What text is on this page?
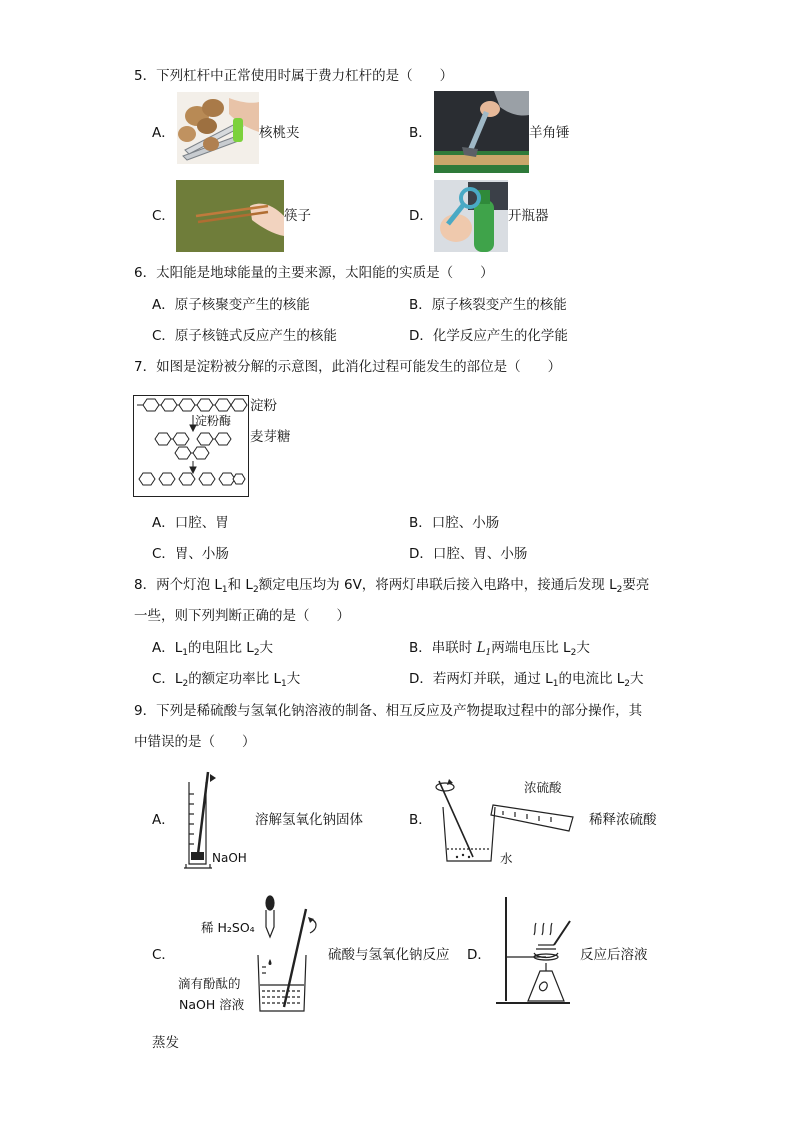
5．下列杠杆中正常使用时属于费力杠杆的是（　　）
A．	核桃夹	B．	羊角锤
C．	筷子	D．	开瓶器
6．太阳能是地球能量的主要来源，太阳能的实质是（　　）
A．原子核聚变产生的核能	B．原子核裂变产生的核能
C．原子核链式反应产生的核能	D．化学反应产生的化学能
7．如图是淀粉被分解的示意图，此消化过程可能发生的部位是（　　）
淀粉酶
淀粉
麦芽糖
A．口腔、胃	B．口腔、小肠
C．胃、小肠	D．口腔、胃、小肠
8．两个灯泡 $L_1$和 $L_2$额定电压均为 6V，将两灯串联后接入电路中，接通后发现 $L_2$要亮
一些，则下列判断正确的是（　　）
A．$L_1$的电阻比 $L_2$大	B．串联时 $L_1$两端电压比 $L_2$大
C．$L_2$的额定功率比 $L_1$大	D．若两灯并联，通过 $L_1$的电流比 $L_2$大
9．下列是稀硫酸与氢氧化钠溶液的制备、相互反应及产物提取过程中的部分操作，其
中错误的是（　　）
A．
NaOH
溶解氢氧化钠固体	B．
浓硫酸
水
稀释浓硫酸
C．
稀 H₂SO₄
滴有酚酞的
NaOH 溶液
硫酸与氢氧化钠反应 D．	反应后溶液
蒸发
